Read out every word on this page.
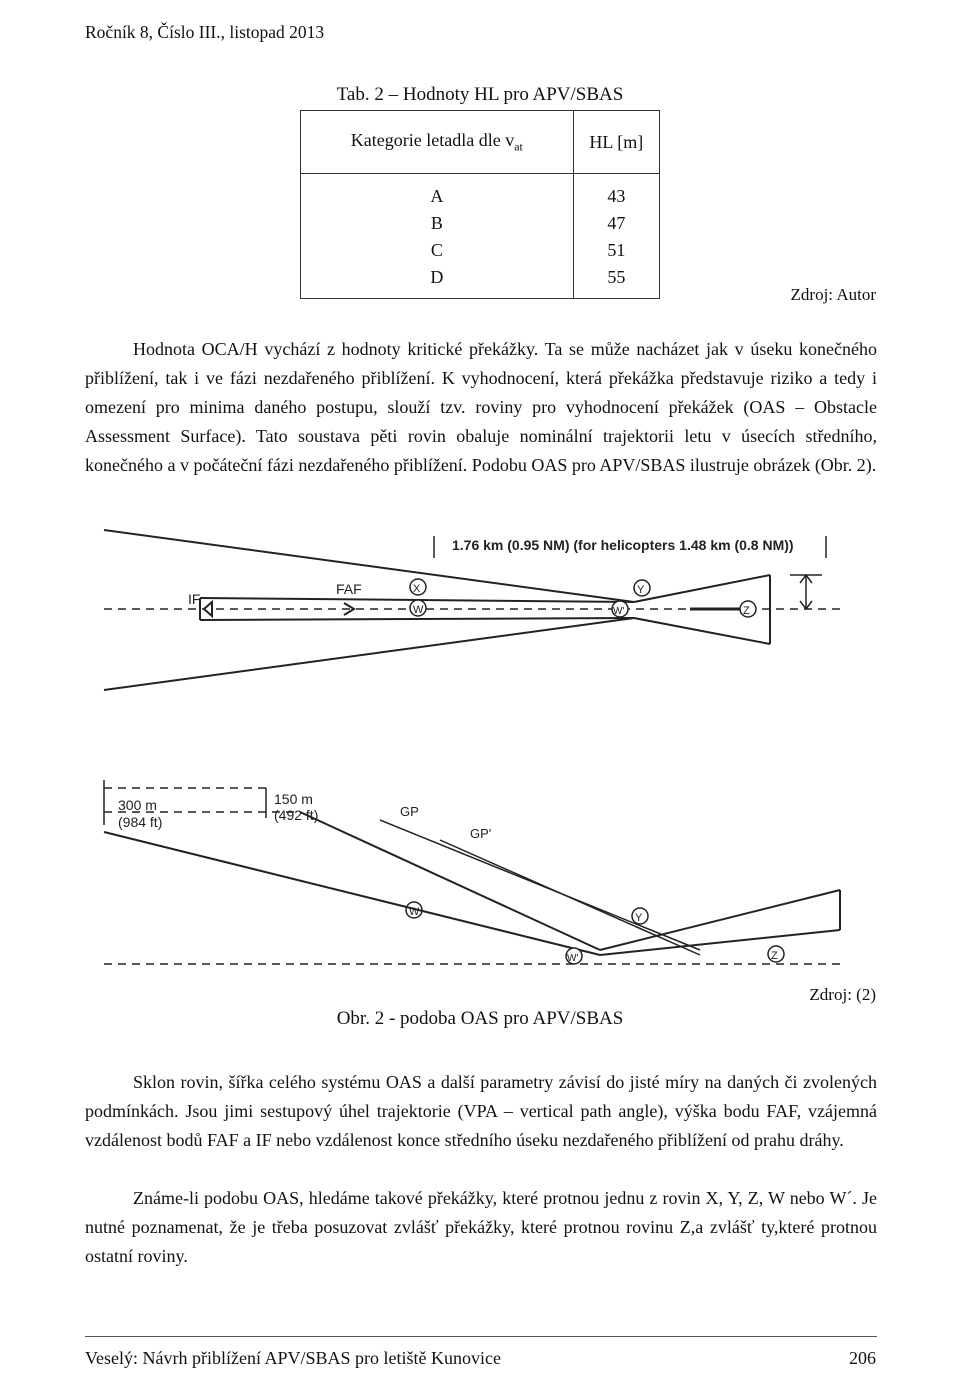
Ročník 8, Číslo III., listopad 2013
Tab. 2 – Hodnoty HL pro APV/SBAS
Kategorie letadla dle $v_{at}$	HL [m]
A	43
B	47
C	51
D	55
Zdroj: Autor
Hodnota OCA/H vychází z hodnoty kritické překážky. Ta se může nacházet jak v úseku konečného přiblížení, tak i ve fázi nezdařeného přiblížení. K vyhodnocení, která překážka představuje riziko a tedy i omezení pro minima daného postupu, slouží tzv. roviny pro vyhodnocení překážek (OAS – Obstacle Assessment Surface). Tato soustava pěti rovin obaluje nominální trajektorii letu v úsecích středního, konečného a v počáteční fázi nezdařeného přiblížení. Podobu OAS pro APV/SBAS ilustruje obrázek (Obr. 2).
1.76 km (0.95 NM) (for helicopters 1.48 km (0.8 NM))
IF
FAF	X
W
Y
W'	Z
300 m
(984 ft)
150 m
(492 ft)	GP
GP'
W	Y
W'	Z
Zdroj: (2)
Obr. 2 - podoba OAS pro APV/SBAS
Sklon rovin, šířka celého systému OAS a další parametry závisí do jisté míry na daných či zvolených podmínkách. Jsou jimi sestupový úhel trajektorie (VPA – vertical path angle), výška bodu FAF, vzájemná vzdálenost bodů FAF a IF nebo vzdálenost konce středního úseku nezdařeného přiblížení od prahu dráhy.
Známe-li podobu OAS, hledáme takové překážky, které protnou jednu z rovin X, Y, Z, W nebo W´. Je nutné poznamenat, že je třeba posuzovat zvlášť překážky, které protnou rovinu Z,a zvlášť ty,které protnou ostatní roviny.
Veselý: Návrh přiblížení APV/SBAS pro letiště Kunovice	206
